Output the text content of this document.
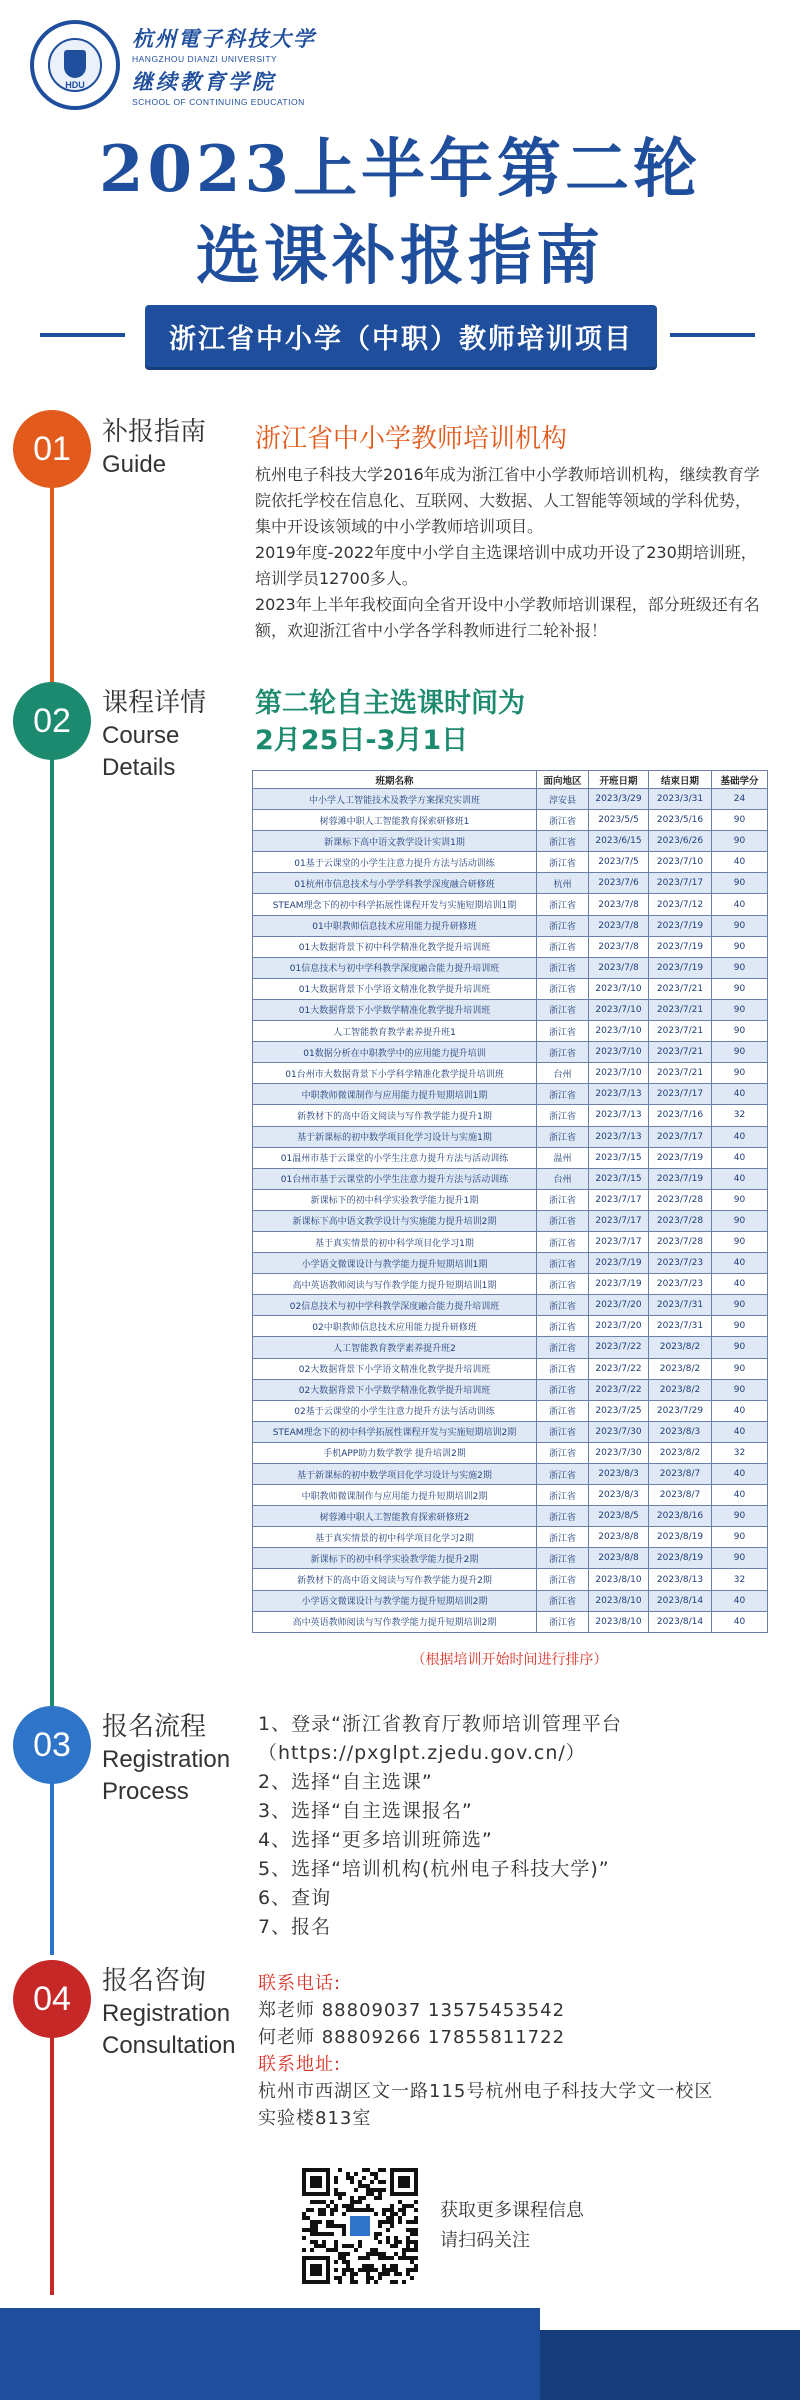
HDU
杭州電子科技大学
HANGZHOU DIANZI UNIVERSITY
继续教育学院
SCHOOL OF CONTINUING EDUCATION
2023上半年第二轮
选课补报指南
浙江省中小学（中职）教师培训项目
01	补报指南
Guide
浙江省中小学教师培训机构

杭州电子科技大学2016年成为浙江省中小学教师培训机构，继续教育学院依托学校在信息化、互联网、大数据、人工智能等领域的学科优势，集中开设该领域的中小学教师培训项目。

2019年度-2022年度中小学自主选课培训中成功开设了230期培训班，培训学员12700多人。

2023年上半年我校面向全省开设中小学教师培训课程，部分班级还有名额，欢迎浙江省中小学各学科教师进行二轮补报！

02	课程详情
Course
Details
第二轮自主选课时间为
2月25日-3月1日
班期名称	面向地区	开班日期	结束日期	基础学分
中小学人工智能技术及教学方案探究实训班	淳安县	2023/3/29	2023/3/31	24
树蓉滩中职人工智能教育探索研修班1	浙江省	2023/5/5	2023/5/16	90
新课标下高中语文教学设计实训1期	浙江省	2023/6/15	2023/6/26	90
01基于云课堂的小学生注意力提升方法与活动训练	浙江省	2023/7/5	2023/7/10	40
01杭州市信息技术与小学学科教学深度融合研修班	杭州	2023/7/6	2023/7/17	90
STEAM理念下的初中科学拓展性课程开发与实施短期培训1期	浙江省	2023/7/8	2023/7/12	40
01中职教师信息技术应用能力提升研修班	浙江省	2023/7/8	2023/7/19	90
01大数据背景下初中科学精准化教学提升培训班	浙江省	2023/7/8	2023/7/19	90
01信息技术与初中学科教学深度融合能力提升培训班	浙江省	2023/7/8	2023/7/19	90
01大数据背景下小学语文精准化教学提升培训班	浙江省	2023/7/10	2023/7/21	90
01大数据背景下小学数学精准化教学提升培训班	浙江省	2023/7/10	2023/7/21	90
人工智能教育教学素养提升班1	浙江省	2023/7/10	2023/7/21	90
01数据分析在中职教学中的应用能力提升培训	浙江省	2023/7/10	2023/7/21	90
01台州市大数据背景下小学科学精准化教学提升培训班	台州	2023/7/10	2023/7/21	90
中职教师微课制作与应用能力提升短期培训1期	浙江省	2023/7/13	2023/7/17	40
新教材下的高中语文阅读与写作教学能力提升1期	浙江省	2023/7/13	2023/7/16	32
基于新课标的初中数学项目化学习设计与实施1期	浙江省	2023/7/13	2023/7/17	40
01温州市基于云课堂的小学生注意力提升方法与活动训练	温州	2023/7/15	2023/7/19	40
01台州市基于云课堂的小学生注意力提升方法与活动训练	台州	2023/7/15	2023/7/19	40
新课标下的初中科学实验教学能力提升1期	浙江省	2023/7/17	2023/7/28	90
新课标下高中语文教学设计与实施能力提升培训2期	浙江省	2023/7/17	2023/7/28	90
基于真实情景的初中科学项目化学习1期	浙江省	2023/7/17	2023/7/28	90
小学语文微课设计与教学能力提升短期培训1期	浙江省	2023/7/19	2023/7/23	40
高中英语教师阅读与写作教学能力提升短期培训1期	浙江省	2023/7/19	2023/7/23	40
02信息技术与初中学科教学深度融合能力提升培训班	浙江省	2023/7/20	2023/7/31	90
02中职教师信息技术应用能力提升研修班	浙江省	2023/7/20	2023/7/31	90
人工智能教育教学素养提升班2	浙江省	2023/7/22	2023/8/2	90
02大数据背景下小学语文精准化教学提升培训班	浙江省	2023/7/22	2023/8/2	90
02大数据背景下小学数学精准化教学提升培训班	浙江省	2023/7/22	2023/8/2	90
02基于云课堂的小学生注意力提升方法与活动训练	浙江省	2023/7/25	2023/7/29	40
STEAM理念下的初中科学拓展性课程开发与实施短期培训2期	浙江省	2023/7/30	2023/8/3	40
手机APP助力数学教学 提升培训2期	浙江省	2023/7/30	2023/8/2	32
基于新课标的初中数学项目化学习设计与实施2期	浙江省	2023/8/3	2023/8/7	40
中职教师微课制作与应用能力提升短期培训2期	浙江省	2023/8/3	2023/8/7	40
树蓉滩中职人工智能教育探索研修班2	浙江省	2023/8/5	2023/8/16	90
基于真实情景的初中科学项目化学习2期	浙江省	2023/8/8	2023/8/19	90
新课标下的初中科学实验教学能力提升2期	浙江省	2023/8/8	2023/8/19	90
新教材下的高中语文阅读与写作教学能力提升2期	浙江省	2023/8/10	2023/8/13	32
小学语文微课设计与教学能力提升短期培训2期	浙江省	2023/8/10	2023/8/14	40
高中英语教师阅读与写作教学能力提升短期培训2期	浙江省	2023/8/10	2023/8/14	40
（根据培训开始时间进行排序）
03	报名流程
Registration
Process
1、登录“浙江省教育厅教师培训管理平台
（https://pxglpt.zjedu.gov.cn/）
2、选择“自主选课”
3、选择“自主选课报名”
4、选择“更多培训班筛选”
5、选择“培训机构(杭州电子科技大学)”
6、查询
7、报名
04	报名咨询
Registration
Consultation
联系电话:
郑老师 88809037 13575453542
何老师 88809266 17855811722
联系地址:
杭州市西湖区文一路115号杭州电子科技大学文一校区
实验楼813室
获取更多课程信息
请扫码关注
